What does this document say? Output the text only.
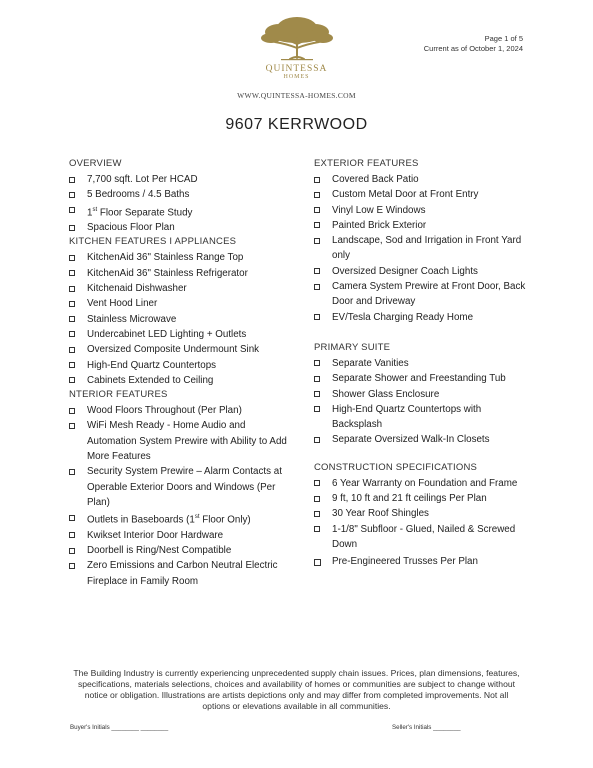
Page 1 of 5
Current as of October 1, 2024
QUINTESSA
HOMES
WWW.QUINTESSA-HOMES.COM
9607 KERRWOOD
OVERVIEW
7,700 sqft. Lot Per HCAD
5 Bedrooms / 4.5 Baths
1st Floor Separate Study
Spacious Floor Plan
KITCHEN FEATURES I APPLIANCES
KitchenAid 36" Stainless Range Top
KitchenAid 36" Stainless Refrigerator
Kitchenaid Dishwasher
Vent Hood Liner
Stainless Microwave
Undercabinet LED Lighting + Outlets
Oversized Composite Undermount Sink
High-End Quartz Countertops
Cabinets Extended to Ceiling
NTERIOR FEATURES
Wood Floors Throughout (Per Plan)
WiFi Mesh Ready - Home Audio and Automation System Prewire with Ability to Add More Features
Security System Prewire – Alarm Contacts at Operable Exterior Doors and Windows (Per Plan)
Outlets in Baseboards (1st Floor Only)
Kwikset Interior Door Hardware
Doorbell is Ring/Nest Compatible
Zero Emissions and Carbon Neutral Electric Fireplace in Family Room
EXTERIOR FEATURES
Covered Back Patio
Custom Metal Door at Front Entry
Vinyl Low E Windows
Painted Brick Exterior
Landscape, Sod and Irrigation in Front Yard only
Oversized Designer Coach Lights
Camera System Prewire at Front Door, Back Door and Driveway
EV/Tesla Charging Ready Home
PRIMARY SUITE
Separate Vanities
Separate Shower and Freestanding Tub
Shower Glass Enclosure
High-End Quartz Countertops with Backsplash
Separate Oversized Walk-In Closets
CONSTRUCTION SPECIFICATIONS
6 Year Warranty on Foundation and Frame
9 ft, 10 ft and 21 ft ceilings Per Plan
30 Year Roof Shingles
1-1/8" Subfloor - Glued, Nailed & Screwed Down
Pre-Engineered Trusses Per Plan
The Building Industry is currently experiencing unprecedented supply chain issues. Prices, plan dimensions, features, specifications, materials selections, choices and availability of homes or communities are subject to change without notice or obligation. Illustrations are artists depictions only and may differ from completed improvements. Not all options or elevations available in all communities.
Buyer's Initials ________ ________	Seller's Initials ________
